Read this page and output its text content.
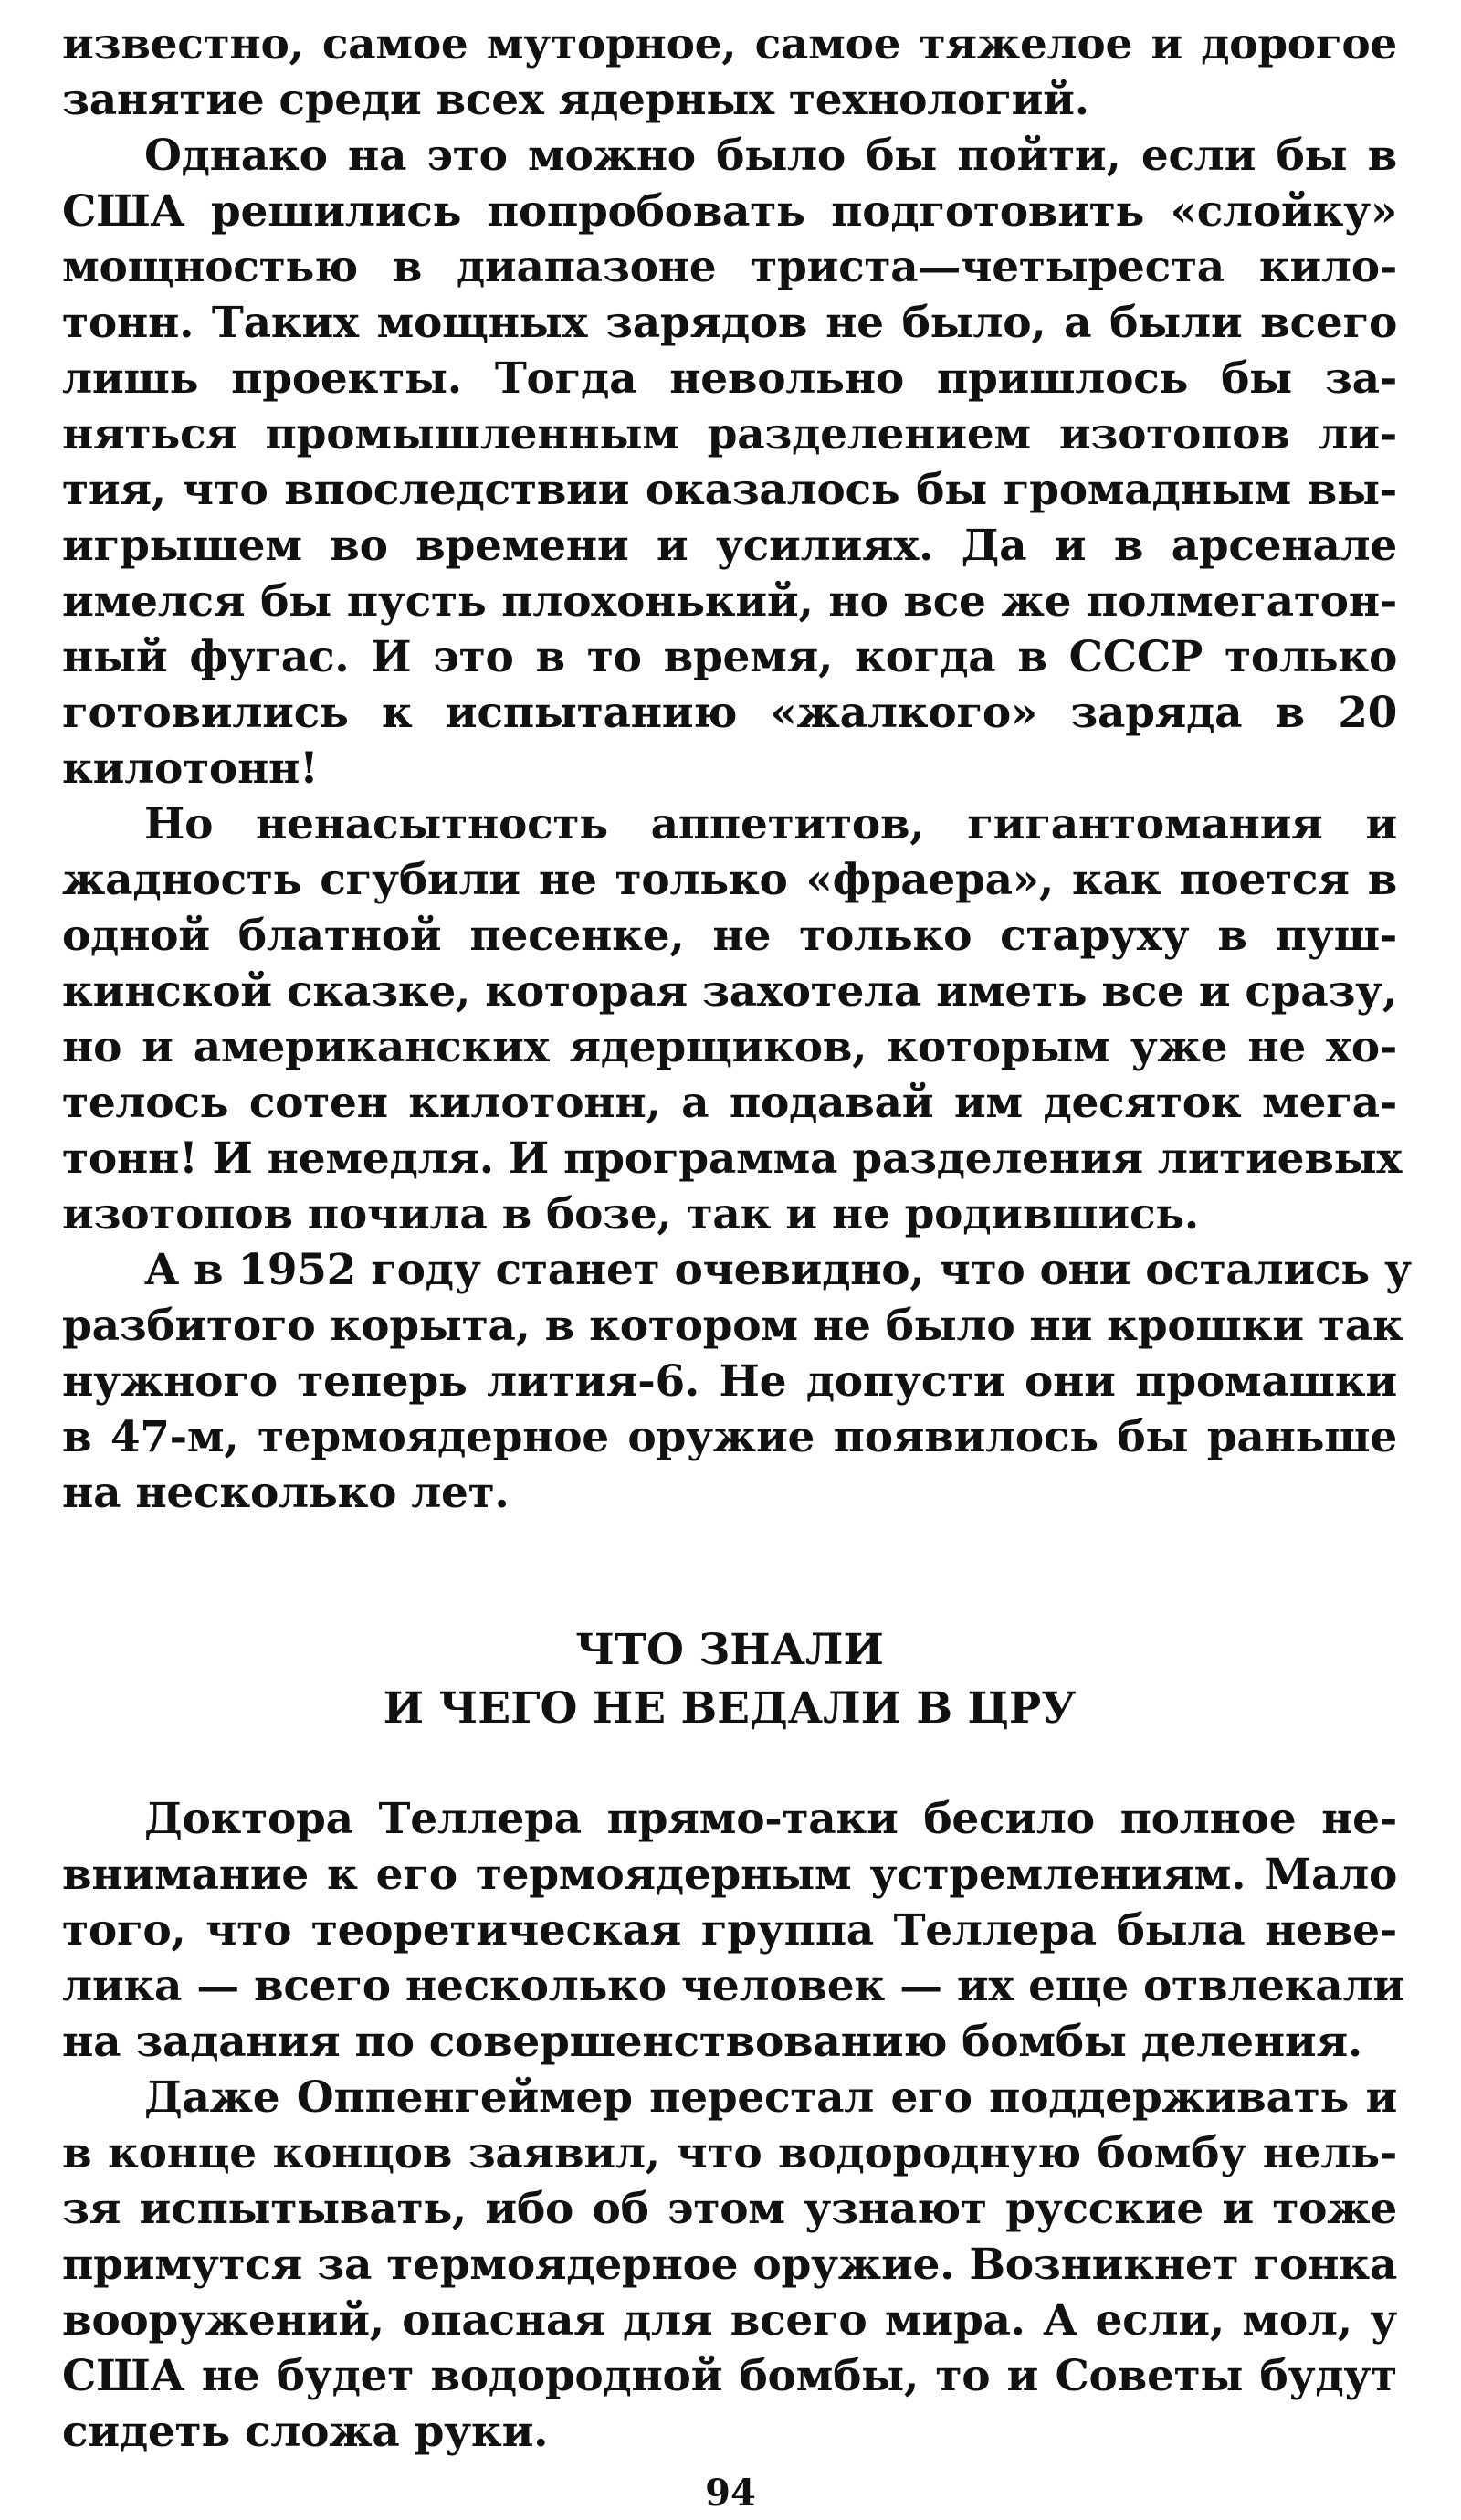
известно, самое муторное, самое тяжелое и дорогое
занятие среди всех ядерных технологий.
Однако на это можно было бы пойти, если бы в
США решились попробовать подготовить «слойку»
мощностью в диапазоне триста—четыреста кило-
тонн. Таких мощных зарядов не было, а были всего
лишь проекты. Тогда невольно пришлось бы за-
няться промышленным разделением изотопов ли-
тия, что впоследствии оказалось бы громадным вы-
игрышем во времени и усилиях. Да и в арсенале
имелся бы пусть плохонький, но все же полмегатон-
ный фугас. И это в то время, когда в СССР только
готовились к испытанию «жалкого» заряда в 20
килотонн!
Но ненасытность аппетитов, гигантомания и
жадность сгубили не только «фраера», как поется в
одной блатной песенке, не только старуху в пуш-
кинской сказке, которая захотела иметь все и сразу,
но и американских ядерщиков, которым уже не хо-
телось сотен килотонн, а подавай им десяток мега-
тонн! И немедля. И программа разделения литиевых
изотопов почила в бозе, так и не родившись.
А в 1952 году станет очевидно, что они остались у
разбитого корыта, в котором не было ни крошки так
нужного теперь лития-6. Не допусти они промашки
в 47-м, термоядерное оружие появилось бы раньше
на несколько лет.
ЧТО ЗНАЛИ
И ЧЕГО НЕ ВЕДАЛИ В ЦРУ
Доктора Теллера прямо-таки бесило полное не-
внимание к его термоядерным устремлениям. Мало
того, что теоретическая группа Теллера была неве-
лика — всего несколько человек — их еще отвлекали
на задания по совершенствованию бомбы деления.
Даже Оппенгеймер перестал его поддерживать и
в конце концов заявил, что водородную бомбу нель-
зя испытывать, ибо об этом узнают русские и тоже
примутся за термоядерное оружие. Возникнет гонка
вооружений, опасная для всего мира. А если, мол, у
США не будет водородной бомбы, то и Советы будут
сидеть сложа руки.
94
